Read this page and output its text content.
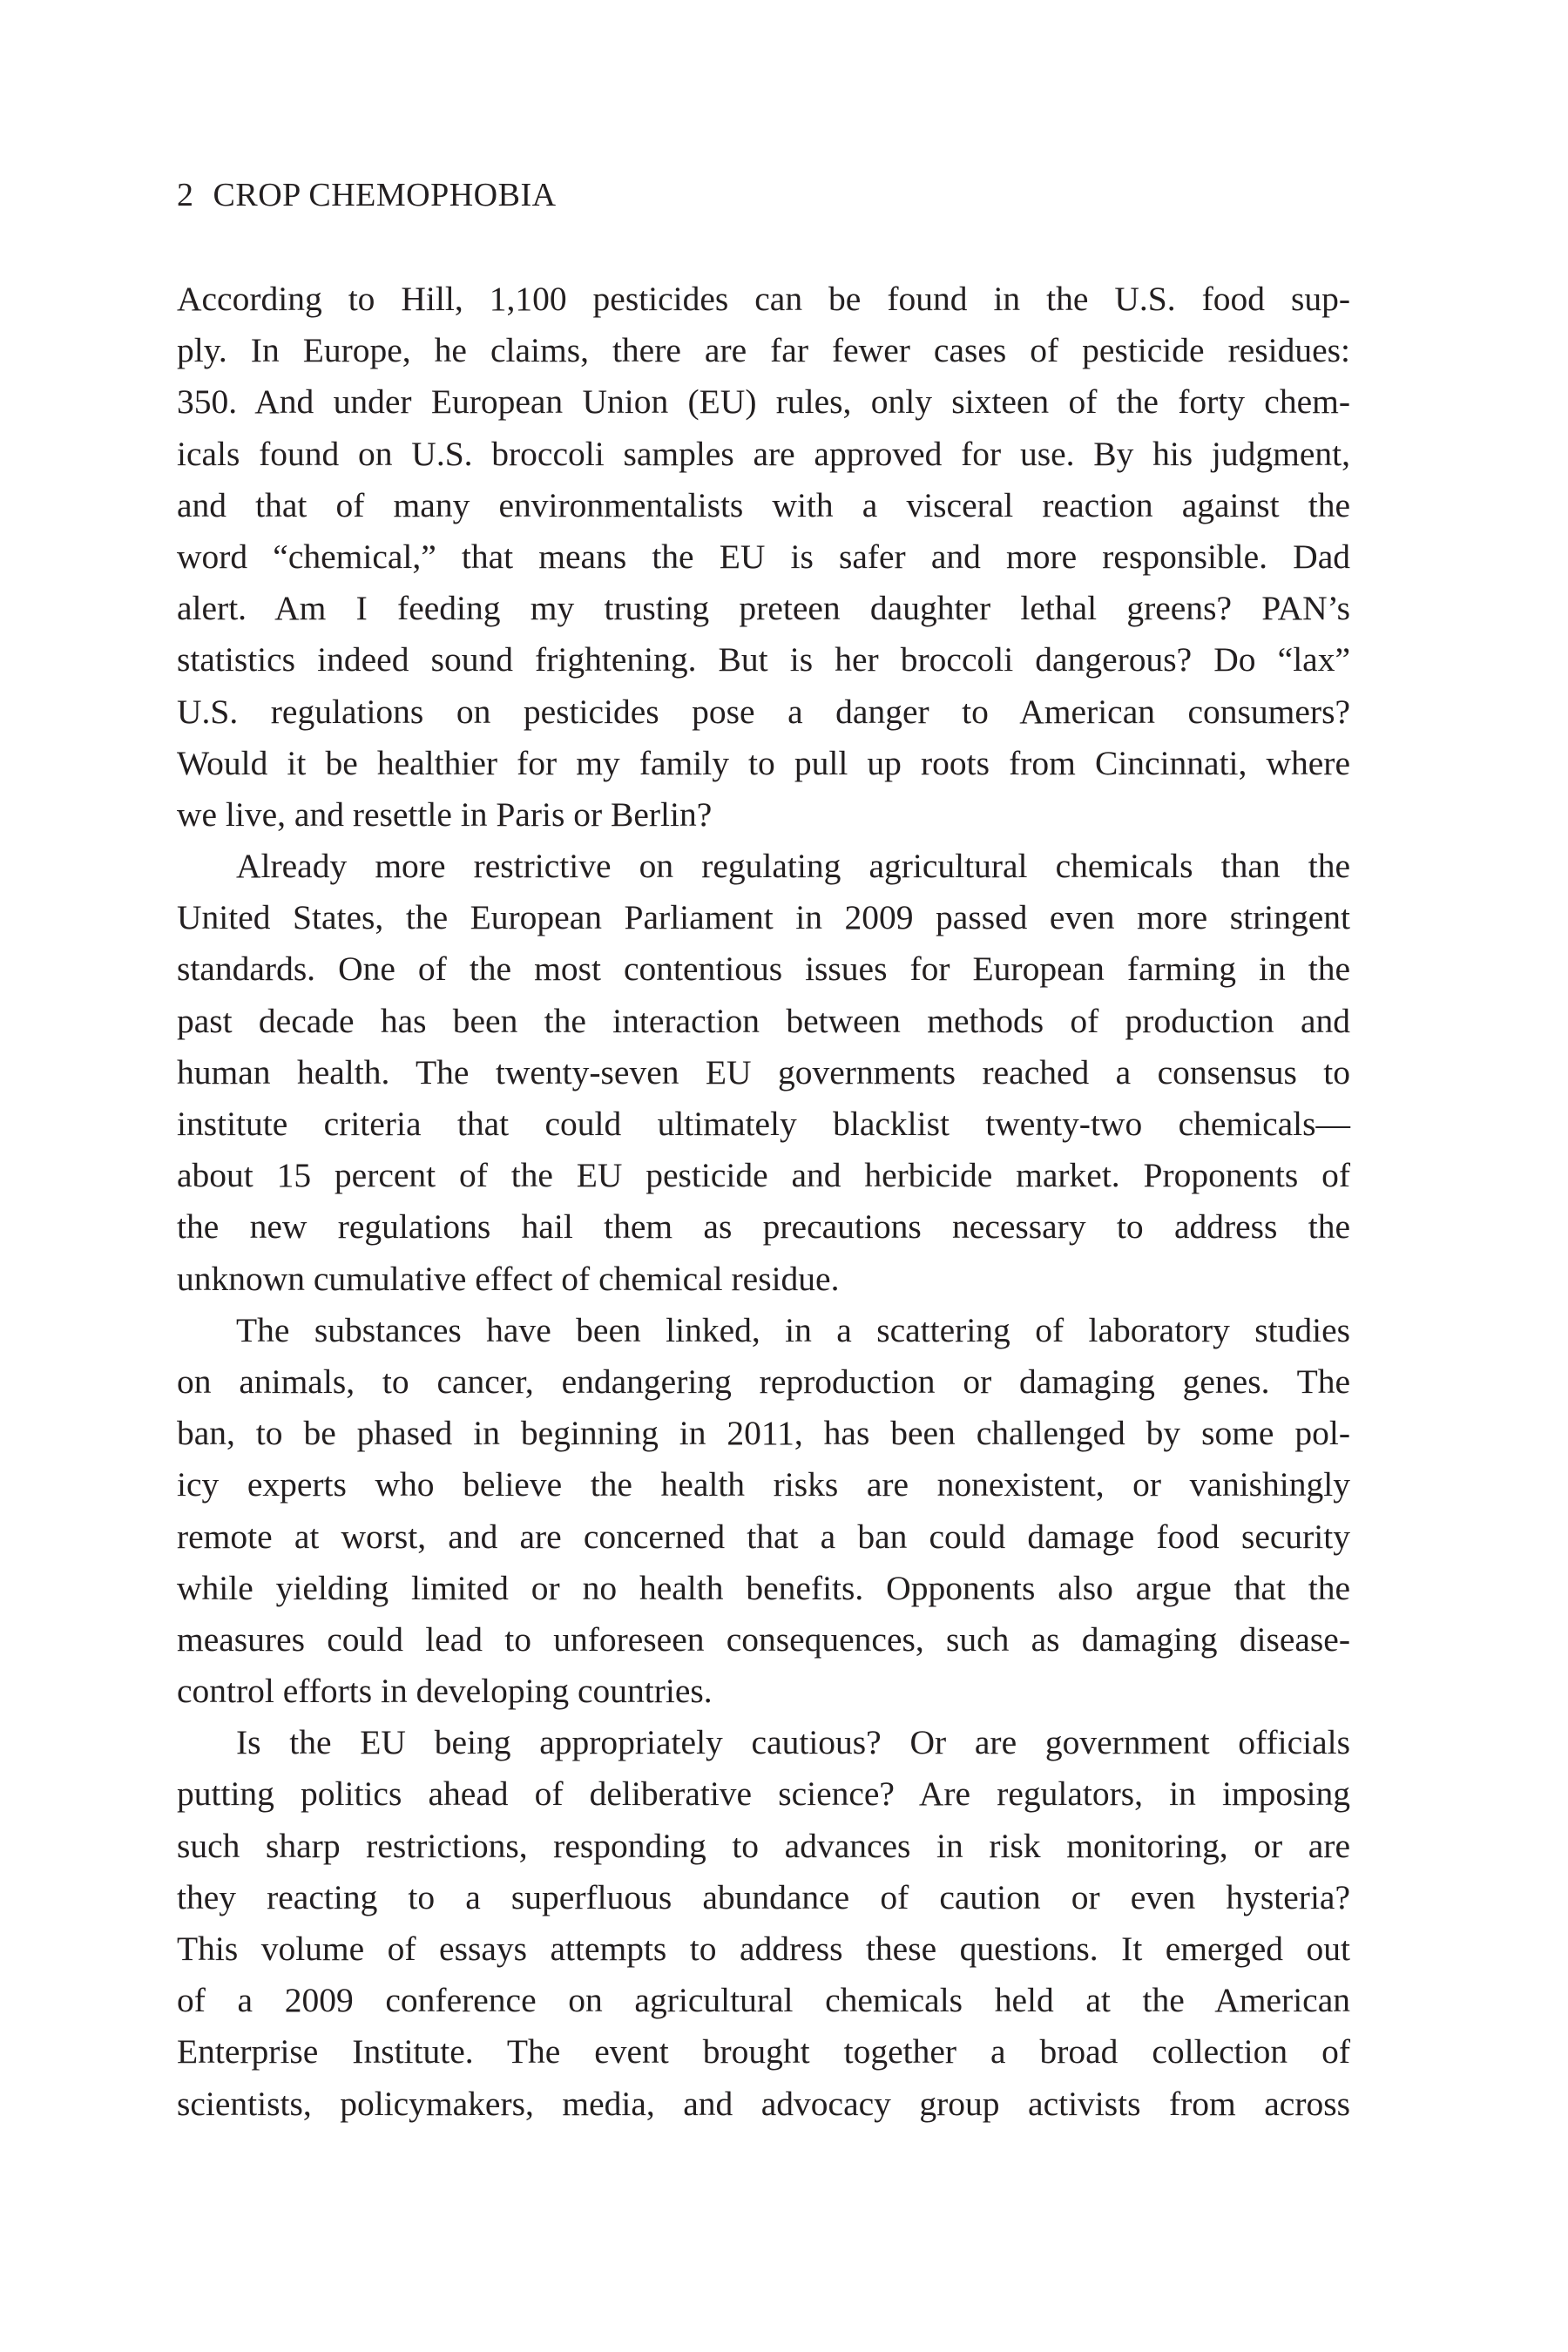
2 CROP CHEMOPHOBIA
According to Hill, 1,100 pesticides can be found in the U.S. food sup-
ply. In Europe, he claims, there are far fewer cases of pesticide residues:
350. And under European Union (EU) rules, only sixteen of the forty chem-
icals found on U.S. broccoli samples are approved for use. By his judgment,
and that of many environmentalists with a visceral reaction against the
word “chemical,” that means the EU is safer and more responsible. Dad
alert. Am I feeding my trusting preteen daughter lethal greens? PAN’s
statistics indeed sound frightening. But is her broccoli dangerous? Do “lax”
U.S. regulations on pesticides pose a danger to American consumers?
Would it be healthier for my family to pull up roots from Cincinnati, where
we live, and resettle in Paris or Berlin?
Already more restrictive on regulating agricultural chemicals than the
United States, the European Parliament in 2009 passed even more stringent
standards. One of the most contentious issues for European farming in the
past decade has been the interaction between methods of production and
human health. The twenty-seven EU governments reached a consensus to
institute criteria that could ultimately blacklist twenty-two chemicals—
about 15 percent of the EU pesticide and herbicide market. Proponents of
the new regulations hail them as precautions necessary to address the
unknown cumulative effect of chemical residue.
The substances have been linked, in a scattering of laboratory studies
on animals, to cancer, endangering reproduction or damaging genes. The
ban, to be phased in beginning in 2011, has been challenged by some pol-
icy experts who believe the health risks are nonexistent, or vanishingly
remote at worst, and are concerned that a ban could damage food security
while yielding limited or no health benefits. Opponents also argue that the
measures could lead to unforeseen consequences, such as damaging disease-
control efforts in developing countries.
Is the EU being appropriately cautious? Or are government officials
putting politics ahead of deliberative science? Are regulators, in imposing
such sharp restrictions, responding to advances in risk monitoring, or are
they reacting to a superfluous abundance of caution or even hysteria?
This volume of essays attempts to address these questions. It emerged out
of a 2009 conference on agricultural chemicals held at the American
Enterprise Institute. The event brought together a broad collection of
scientists, policymakers, media, and advocacy group activists from across
